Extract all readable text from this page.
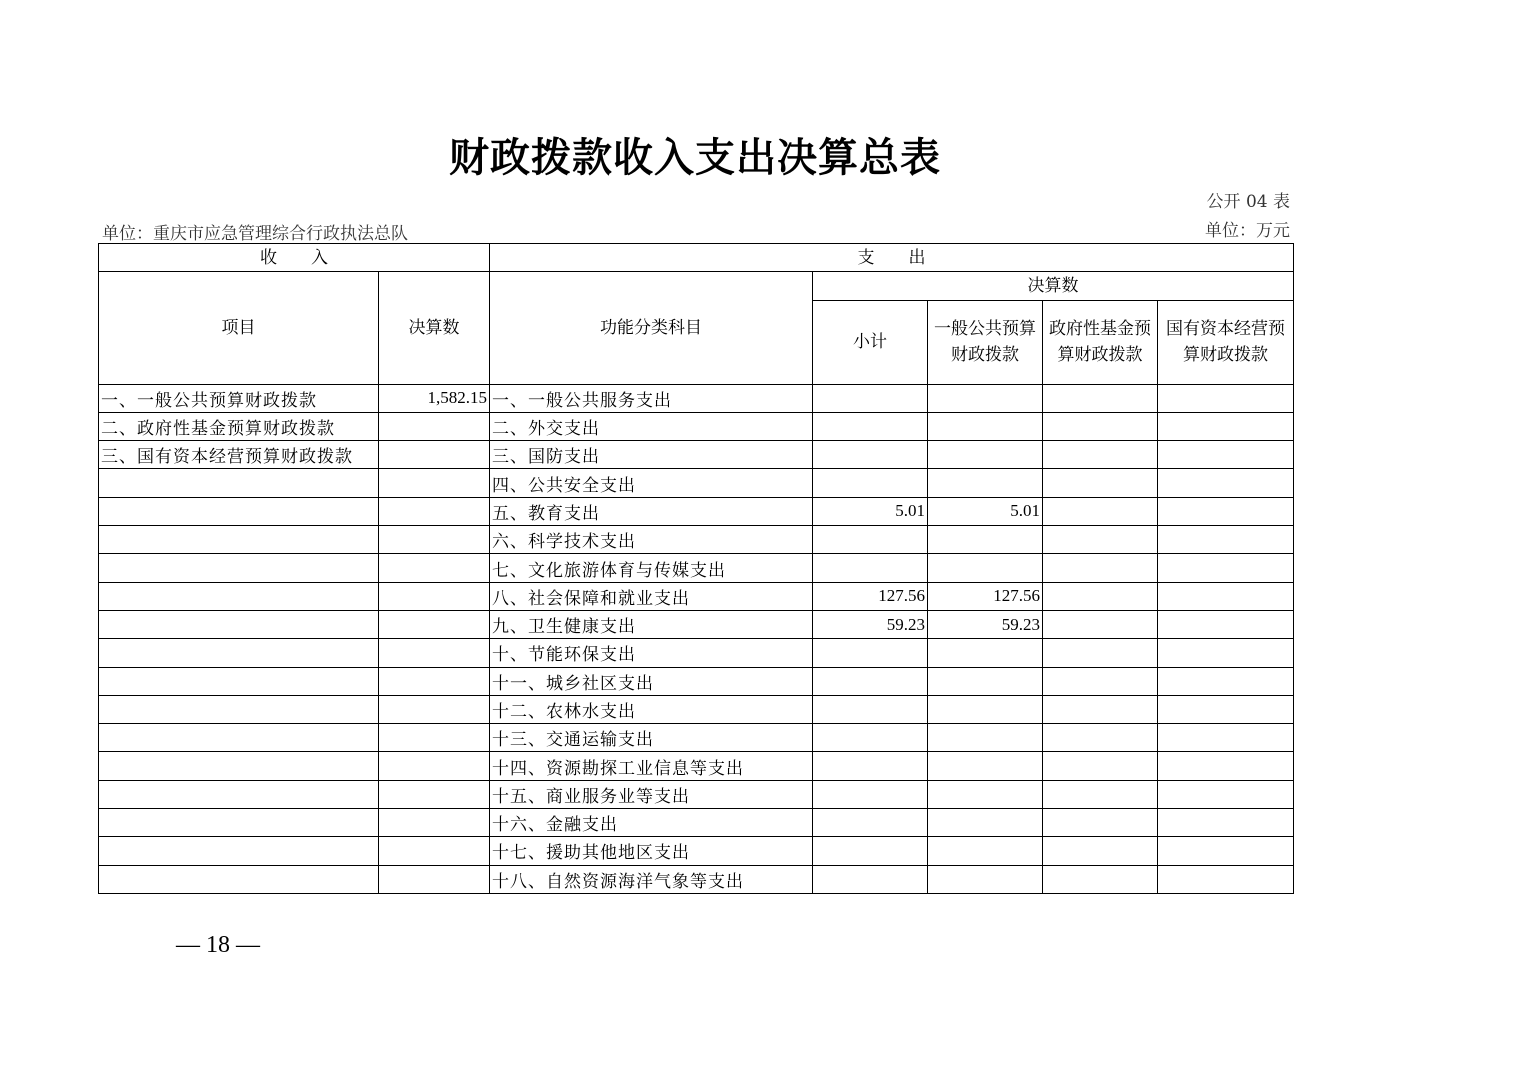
财政拨款收入支出决算总表
公开 04 表
单位：重庆市应急管理综合行政执法总队	单位：万元
收　　入		支　　出				
项目	决算数	功能分类科目	决算数			
			小计	一般公共预算财政拨款	政府性基金预算财政拨款	国有资本经营预算财政拨款
一、一般公共预算财政拨款	1,582.15	一、一般公共服务支出				
二、政府性基金预算财政拨款		二、外交支出				
三、国有资本经营预算财政拨款		三、国防支出				
		四、公共安全支出				
		五、教育支出	5.01	5.01		
		六、科学技术支出				
		七、文化旅游体育与传媒支出				
		八、社会保障和就业支出	127.56	127.56		
		九、卫生健康支出	59.23	59.23		
		十、节能环保支出				
		十一、城乡社区支出				
		十二、农林水支出				
		十三、交通运输支出				
		十四、资源勘探工业信息等支出				
		十五、商业服务业等支出				
		十六、金融支出				
		十七、援助其他地区支出				
		十八、自然资源海洋气象等支出				
— 18 —
